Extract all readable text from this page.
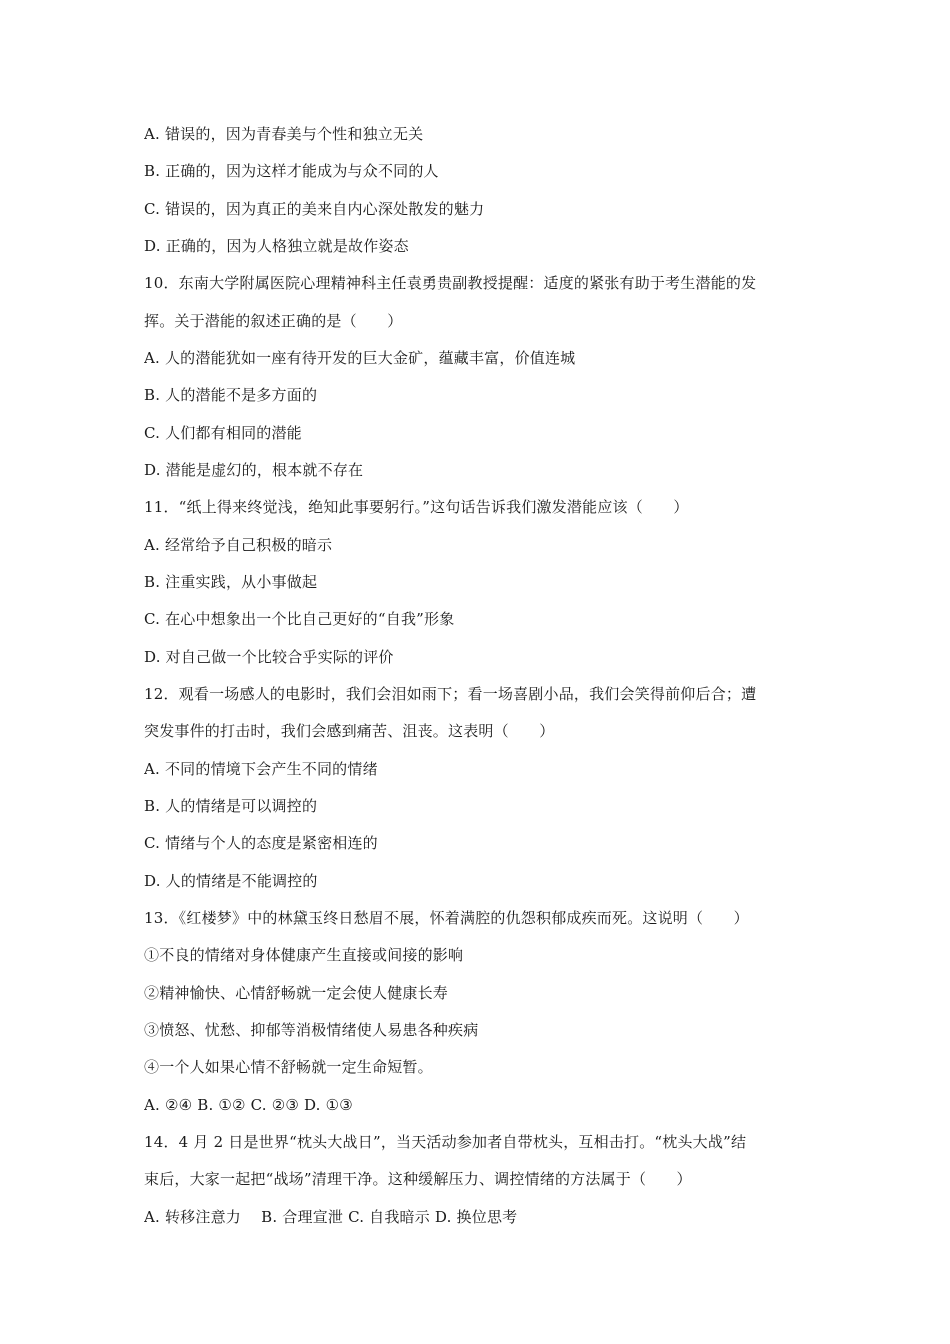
A. 错误的，因为青春美与个性和独立无关
B. 正确的，因为这样才能成为与众不同的人
C. 错误的，因为真正的美来自内心深处散发的魅力
D. 正确的，因为人格独立就是故作姿态
10．东南大学附属医院心理精神科主任袁勇贵副教授提醒：适度的紧张有助于考生潜能的发
挥。关于潜能的叙述正确的是（　　）
A. 人的潜能犹如一座有待开发的巨大金矿，蕴藏丰富，价值连城
B. 人的潜能不是多方面的
C. 人们都有相同的潜能
D. 潜能是虚幻的，根本就不存在
11．“纸上得来终觉浅，绝知此事要躬行。”这句话告诉我们激发潜能应该（　　）
A. 经常给予自己积极的暗示
B. 注重实践，从小事做起
C. 在心中想象出一个比自己更好的“自我”形象
D. 对自己做一个比较合乎实际的评价
12．观看一场感人的电影时，我们会泪如雨下；看一场喜剧小品，我们会笑得前仰后合；遭
突发事件的打击时，我们会感到痛苦、沮丧。这表明（　　）
A. 不同的情境下会产生不同的情绪
B. 人的情绪是可以调控的
C. 情绪与个人的态度是紧密相连的
D. 人的情绪是不能调控的
13．《红楼梦》中的林黛玉终日愁眉不展，怀着满腔的仇怨积郁成疾而死。这说明（　　）
①不良的情绪对身体健康产生直接或间接的影响
②精神愉快、心情舒畅就一定会使人健康长寿
③愤怒、忧愁、抑郁等消极情绪使人易患各种疾病
④一个人如果心情不舒畅就一定生命短暂。
A. ②④ B. ①② C. ②③ D. ①③
14．4 月 2 日是世界“枕头大战日”，当天活动参加者自带枕头，互相击打。“枕头大战”结
束后，大家一起把“战场”清理干净。这种缓解压力、调控情绪的方法属于（　　）
A. 转移注意力　 B. 合理宣泄 C. 自我暗示 D. 换位思考
